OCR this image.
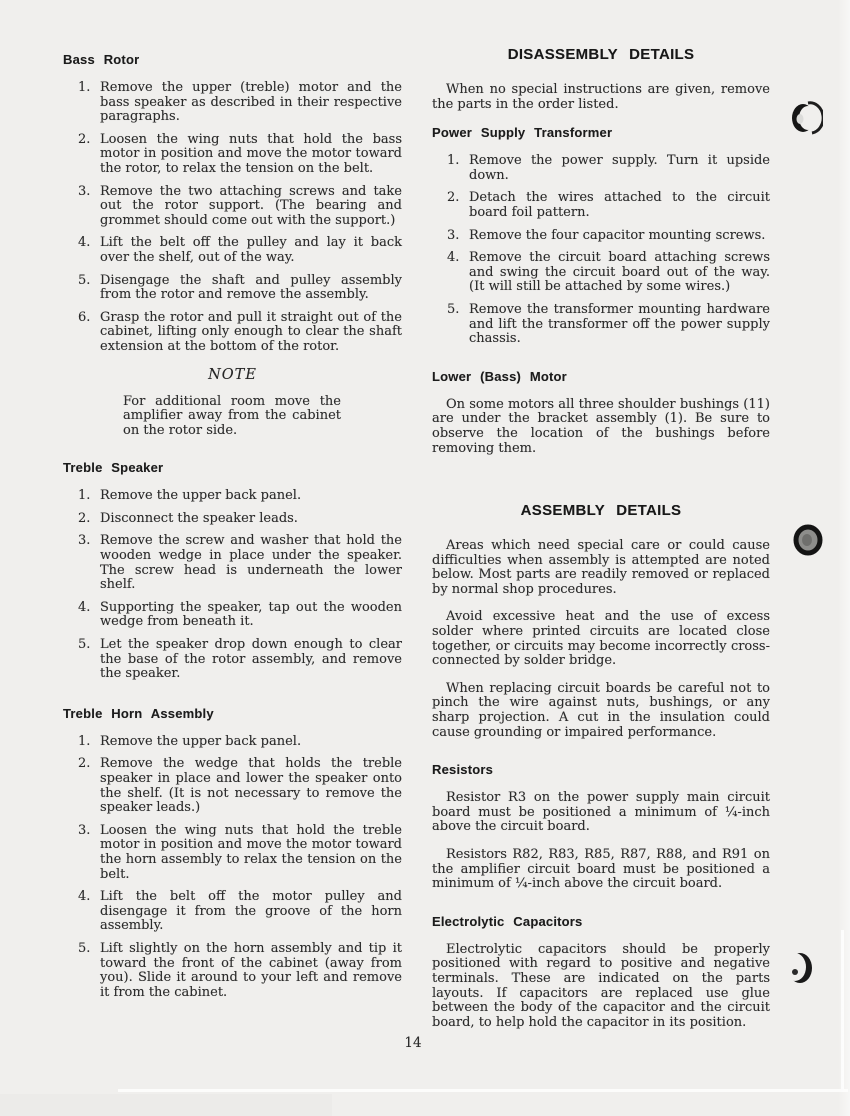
Bass Rotor
1. Remove the upper (treble) motor and the bass speaker as described in their respective paragraphs.
2. Loosen the wing nuts that hold the bass motor in position and move the motor toward the rotor, to relax the tension on the belt.
3. Remove the two attaching screws and take out the rotor support. (The bearing and grommet should come out with the support.)
4. Lift the belt off the pulley and lay it back over the shelf, out of the way.
5. Disengage the shaft and pulley assembly from the rotor and remove the assembly.
6. Grasp the rotor and pull it straight out of the cabinet, lifting only enough to clear the shaft extension at the bottom of the rotor.
NOTE
For additional room move the amplifier away from the cabinet on the rotor side.
Treble Speaker
1. Remove the upper back panel.
2. Disconnect the speaker leads.
3. Remove the screw and washer that hold the wooden wedge in place under the speaker. The screw head is underneath the lower shelf.
4. Supporting the speaker, tap out the wooden wedge from beneath it.
5. Let the speaker drop down enough to clear the base of the rotor assembly, and remove the speaker.
Treble Horn Assembly
1. Remove the upper back panel.
2. Remove the wedge that holds the treble speaker in place and lower the speaker onto the shelf. (It is not necessary to remove the speaker leads.)
3. Loosen the wing nuts that hold the treble motor in position and move the motor toward the horn assembly to relax the tension on the belt.
4. Lift the belt off the motor pulley and disengage it from the groove of the horn assembly.
5. Lift slightly on the horn assembly and tip it toward the front of the cabinet (away from you). Slide it around to your left and remove it from the cabinet.
DISASSEMBLY DETAILS

When no special instructions are given, remove the parts in the order listed.

Power Supply Transformer
1. Remove the power supply. Turn it upside down.
2. Detach the wires attached to the circuit board foil pattern.
3. Remove the four capacitor mounting screws.
4. Remove the circuit board attaching screws and swing the circuit board out of the way. (It will still be attached by some wires.)
5. Remove the transformer mounting hardware and lift the transformer off the power supply chassis.
Lower (Bass) Motor

On some motors all three shoulder bushings (11) are under the bracket assembly (1). Be sure to observe the location of the bushings before removing them.

ASSEMBLY DETAILS

Areas which need special care or could cause difficulties when assembly is attempted are noted below. Most parts are readily removed or replaced by normal shop procedures.

Avoid excessive heat and the use of excess solder where printed circuits are located close together, or circuits may become incorrectly cross-connected by solder bridge.

When replacing circuit boards be careful not to pinch the wire against nuts, bushings, or any sharp projection. A cut in the insulation could cause grounding or impaired performance.

Resistors

Resistor R3 on the power supply main circuit board must be positioned a minimum of ¼-inch above the circuit board.

Resistors R82, R83, R85, R87, R88, and R91 on the amplifier circuit board must be positioned a minimum of ¼-inch above the circuit board.

Electrolytic Capacitors

Electrolytic capacitors should be properly positioned with regard to positive and negative terminals. These are indicated on the parts layouts. If capacitors are replaced use glue between the body of the capacitor and the circuit board, to help hold the capacitor in its position.

14
